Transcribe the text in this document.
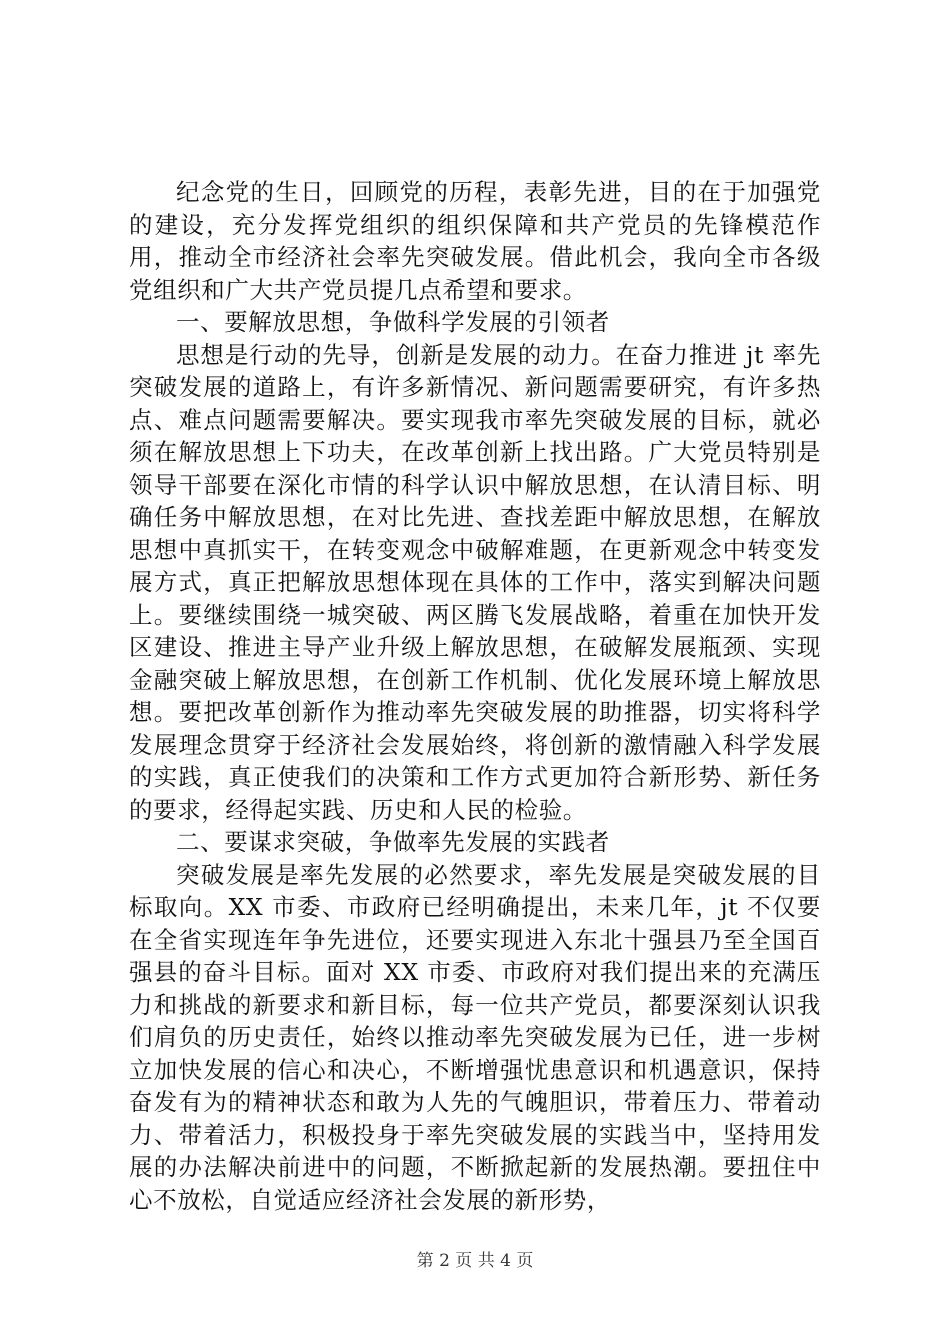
纪念党的生日，回顾党的历程，表彰先进，目的在于加强党的建设，充分发挥党组织的组织保障和共产党员的先锋模范作用，推动全市经济社会率先突破发展。借此机会，我向全市各级党组织和广大共产党员提几点希望和要求。

一、要解放思想，争做科学发展的引领者

思想是行动的先导，创新是发展的动力。在奋力推进 jt 率先突破发展的道路上，有许多新情况、新问题需要研究，有许多热点、难点问题需要解决。要实现我市率先突破发展的目标，就必须在解放思想上下功夫，在改革创新上找出路。广大党员特别是领导干部要在深化市情的科学认识中解放思想，在认清目标、明确任务中解放思想，在对比先进、查找差距中解放思想，在解放思想中真抓实干，在转变观念中破解难题，在更新观念中转变发展方式，真正把解放思想体现在具体的工作中，落实到解决问题上。要继续围绕一城突破、两区腾飞发展战略，着重在加快开发区建设、推进主导产业升级上解放思想，在破解发展瓶颈、实现金融突破上解放思想，在创新工作机制、优化发展环境上解放思想。要把改革创新作为推动率先突破发展的助推器，切实将科学发展理念贯穿于经济社会发展始终，将创新的激情融入科学发展的实践，真正使我们的决策和工作方式更加符合新形势、新任务的要求，经得起实践、历史和人民的检验。

二、要谋求突破，争做率先发展的实践者

突破发展是率先发展的必然要求，率先发展是突破发展的目标取向。XX 市委、市政府已经明确提出，未来几年，jt 不仅要在全省实现连年争先进位，还要实现进入东北十强县乃至全国百强县的奋斗目标。面对 XX 市委、市政府对我们提出来的充满压力和挑战的新要求和新目标，每一位共产党员，都要深刻认识我们肩负的历史责任，始终以推动率先突破发展为已任，进一步树立加快发展的信心和决心，不断增强忧患意识和机遇意识，保持奋发有为的精神状态和敢为人先的气魄胆识，带着压力、带着动力、带着活力，积极投身于率先突破发展的实践当中，坚持用发展的办法解决前进中的问题，不断掀起新的发展热潮。要扭住中心不放松，自觉适应经济社会发展的新形势，

第 2 页 共 4 页
